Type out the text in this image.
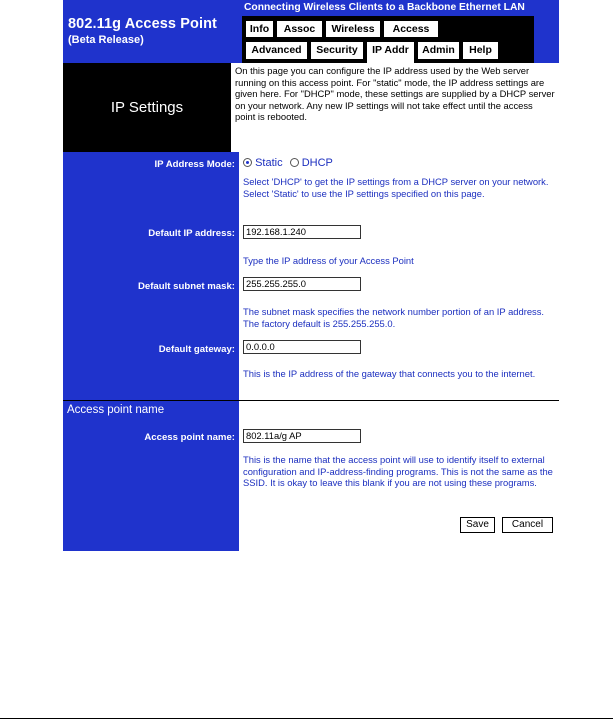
802.11g Access Point
(Beta Release)
Connecting Wireless Clients to a Backbone Ethernet LAN
Info	Assoc	Wireless	Access
Advanced	Security	IP Addr	Admin	Help
IP Settings
On this page you can configure the IP address used by the Web server running on this access point. For "static" mode, the IP address settings are given here. For "DHCP" mode, these settings are supplied by a DHCP server on your network. Any new IP settings will not take effect until the access point is rebooted.
IP Address Mode:	Static DHCP
Select 'DHCP' to get the IP settings from a DHCP server on your network. Select 'Static' to use the IP settings specified on this page.
Default IP address:	192.168.1.240
Type the IP address of your Access Point
Default subnet mask:	255.255.255.0
The subnet mask specifies the network number portion of an IP address. The factory default is 255.255.255.0.
Default gateway:	0.0.0.0
This is the IP address of the gateway that connects you to the internet.
Access point name
Access point name:	802.11a/g AP
This is the name that the access point will use to identify itself to external configuration and IP-address-finding programs. This is not the same as the SSID. It is okay to leave this blank if you are not using these programs.
Save	Cancel
